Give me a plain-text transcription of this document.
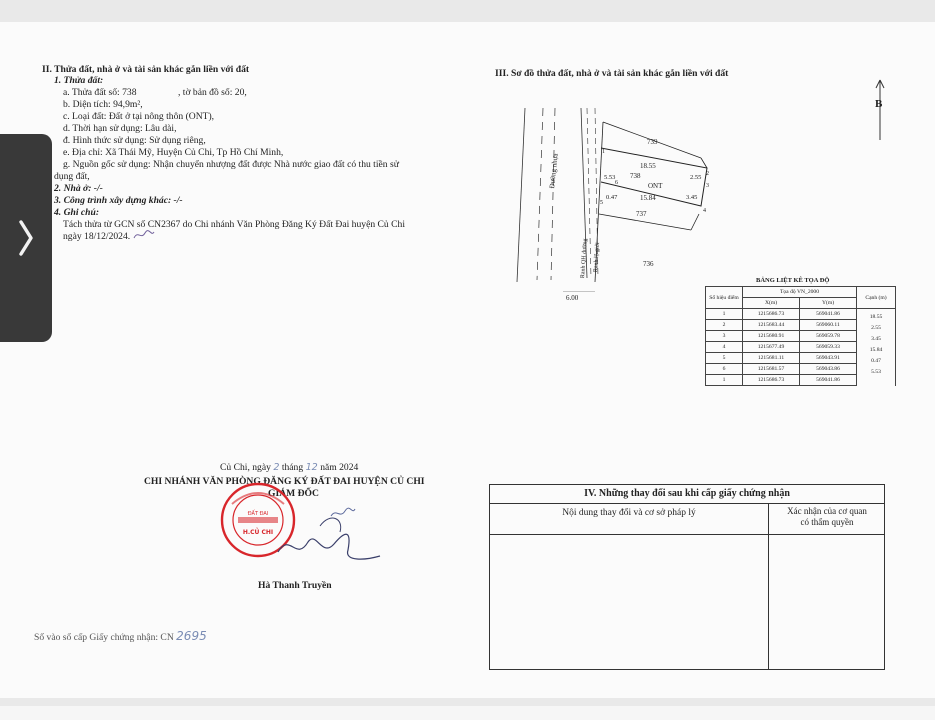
II. Thửa đất, nhà ở và tài sản khác gắn liền với đất
1. Thửa đất:
a. Thửa đất số: 738	, tờ bản đồ số: 20,
b. Diện tích: 94,9m²,
c. Loại đất: Đất ở tại nông thôn (ONT),
d. Thời hạn sử dụng: Lâu dài,
đ. Hình thức sử dụng: Sử dụng riêng,
e. Địa chỉ: Xã Thái Mỹ, Huyện Củ Chi, Tp Hồ Chí Minh,
g. Nguồn gốc sử dụng: Nhận chuyển nhượng đất được Nhà nước giao đất có thu tiền sử
dụng đất,
2. Nhà ở: -/-
3. Công trình xây dựng khác: -/-
4. Ghi chú:
Tách thửa từ GCN số CN2367 do Chi nhánh Văn Phòng Đăng Ký Đất Đai huyện Củ Chi
ngày 18/12/2024.
III. Sơ đồ thửa đất, nhà ở và tài sản khác gắn liền với đất
B
739
738
ONT
737
736
18.55
15.84
2.55
3.45
5.53
0.47
6.00
Đường nhựa
Ranh QH đường Ranh lộ giới
1
2
3
4
5
6
BẢNG LIỆT KÊ TỌA ĐỘ
Số hiệu điểm	Tọa độ VN_2000		Cạnh (m)
	X(m)	Y(m)	
1	1215686.73	569041.86	18.55
2	1215683.44	569060.11	2.55
3	1215680.91	569059.78	3.45
4	1215677.49	569059.33	15.84
5	1215681.11	569043.91	0.47
6	1215681.57	569043.86	5.53
1	1215686.73	569041.86	
Củ Chi, ngày 2 tháng 12 năm 2024
CHI NHÁNH VĂN PHÒNG ĐĂNG KÝ ĐẤT ĐAI HUYỆN CỦ CHI
GIÁM ĐỐC
ĐẤT ĐAI
H.CỦ CHI
Hà Thanh Truyền
Số vào sổ cấp Giấy chứng nhận: CN 2695
IV. Những thay đổi sau khi cấp giấy chứng nhận
Nội dung thay đổi và cơ sở pháp lý	Xác nhận của cơ quan
có thẩm quyền
